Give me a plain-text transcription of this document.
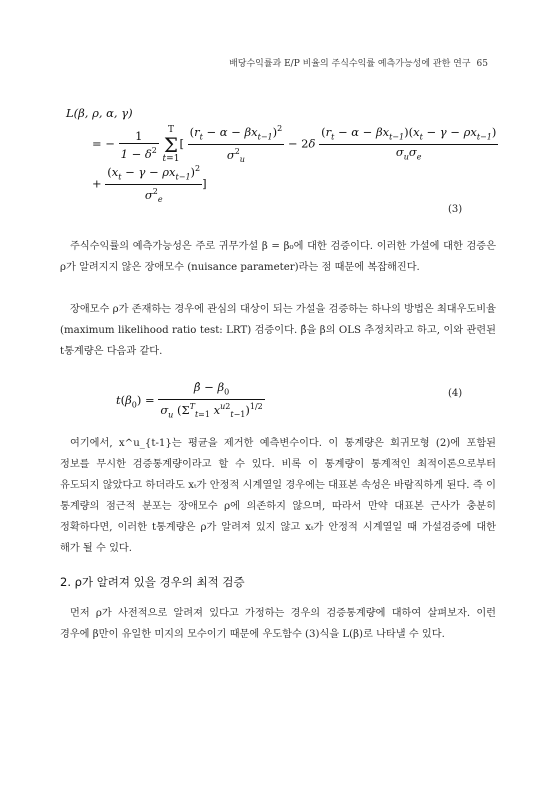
배당수익률과 E/P 비율의 주식수익률 예측가능성에 관한 연구 65
L(β, ρ, α, γ)
= − $\frac{1}{1 - \delta^2}$ T
Σ
$t=1[ \frac{(r_t - \alpha - \beta x_{t-1})^2}{\sigma^2_u} - 2\delta \frac{(r_t - \alpha - \beta x_{t-1})(x_t - \gamma - \rho x_{t-1})}{\sigma_u\sigma_e}$
+ $\frac{(x_t - \gamma - \rho x_{t-1})^2}{\sigma^2_e}$ ]
(3)
주식수익률의 예측가능성은 주로 귀무가설 β = β₀에 대한 검증이다. 이러한 가설에 대한 검증은 ρ가 알려지지 않은 장애모수 (nuisance parameter)라는 점 때문에 복잡해진다.
장애모수 ρ가 존재하는 경우에 관심의 대상이 되는 가설을 검증하는 하나의 방법은 최대우도비율 (maximum likelihood ratio test: LRT) 검증이다. β̂을 β의 OLS 추정치라고 하고, 이와 관련된 t통계량은 다음과 같다.
$t(\beta_0) = \frac{\betâ - \beta_0}{\sigma_u (\Sigma^T_{t=1} x^{u2}_{t-1})^{1/2}}$	(4)
여기에서, x^u_{t-1}는 평균을 제거한 예측변수이다. 이 통계량은 회귀모형 (2)에 포함된 정보를 무시한 검증통계량이라고 할 수 있다. 비록 이 통계량이 통계적인 최적이론으로부터 유도되지 않았다고 하더라도 xₜ가 안정적 시계열일 경우에는 대표본 속성은 바람직하게 된다. 즉 이 통계량의 점근적 분포는 장애모수 ρ에 의존하지 않으며, 따라서 만약 대표본 근사가 충분히 정확하다면, 이러한 t통계량은 ρ가 알려져 있지 않고 xₜ가 안정적 시계열일 때 가설검증에 대한 해가 될 수 있다.
2. ρ가 알려져 있을 경우의 최적 검증
먼저 ρ가 사전적으로 알려져 있다고 가정하는 경우의 검증통계량에 대하여 살펴보자. 이런 경우에 β만이 유일한 미지의 모수이기 때문에 우도함수 (3)식을 L(β)로 나타낼 수 있다.
